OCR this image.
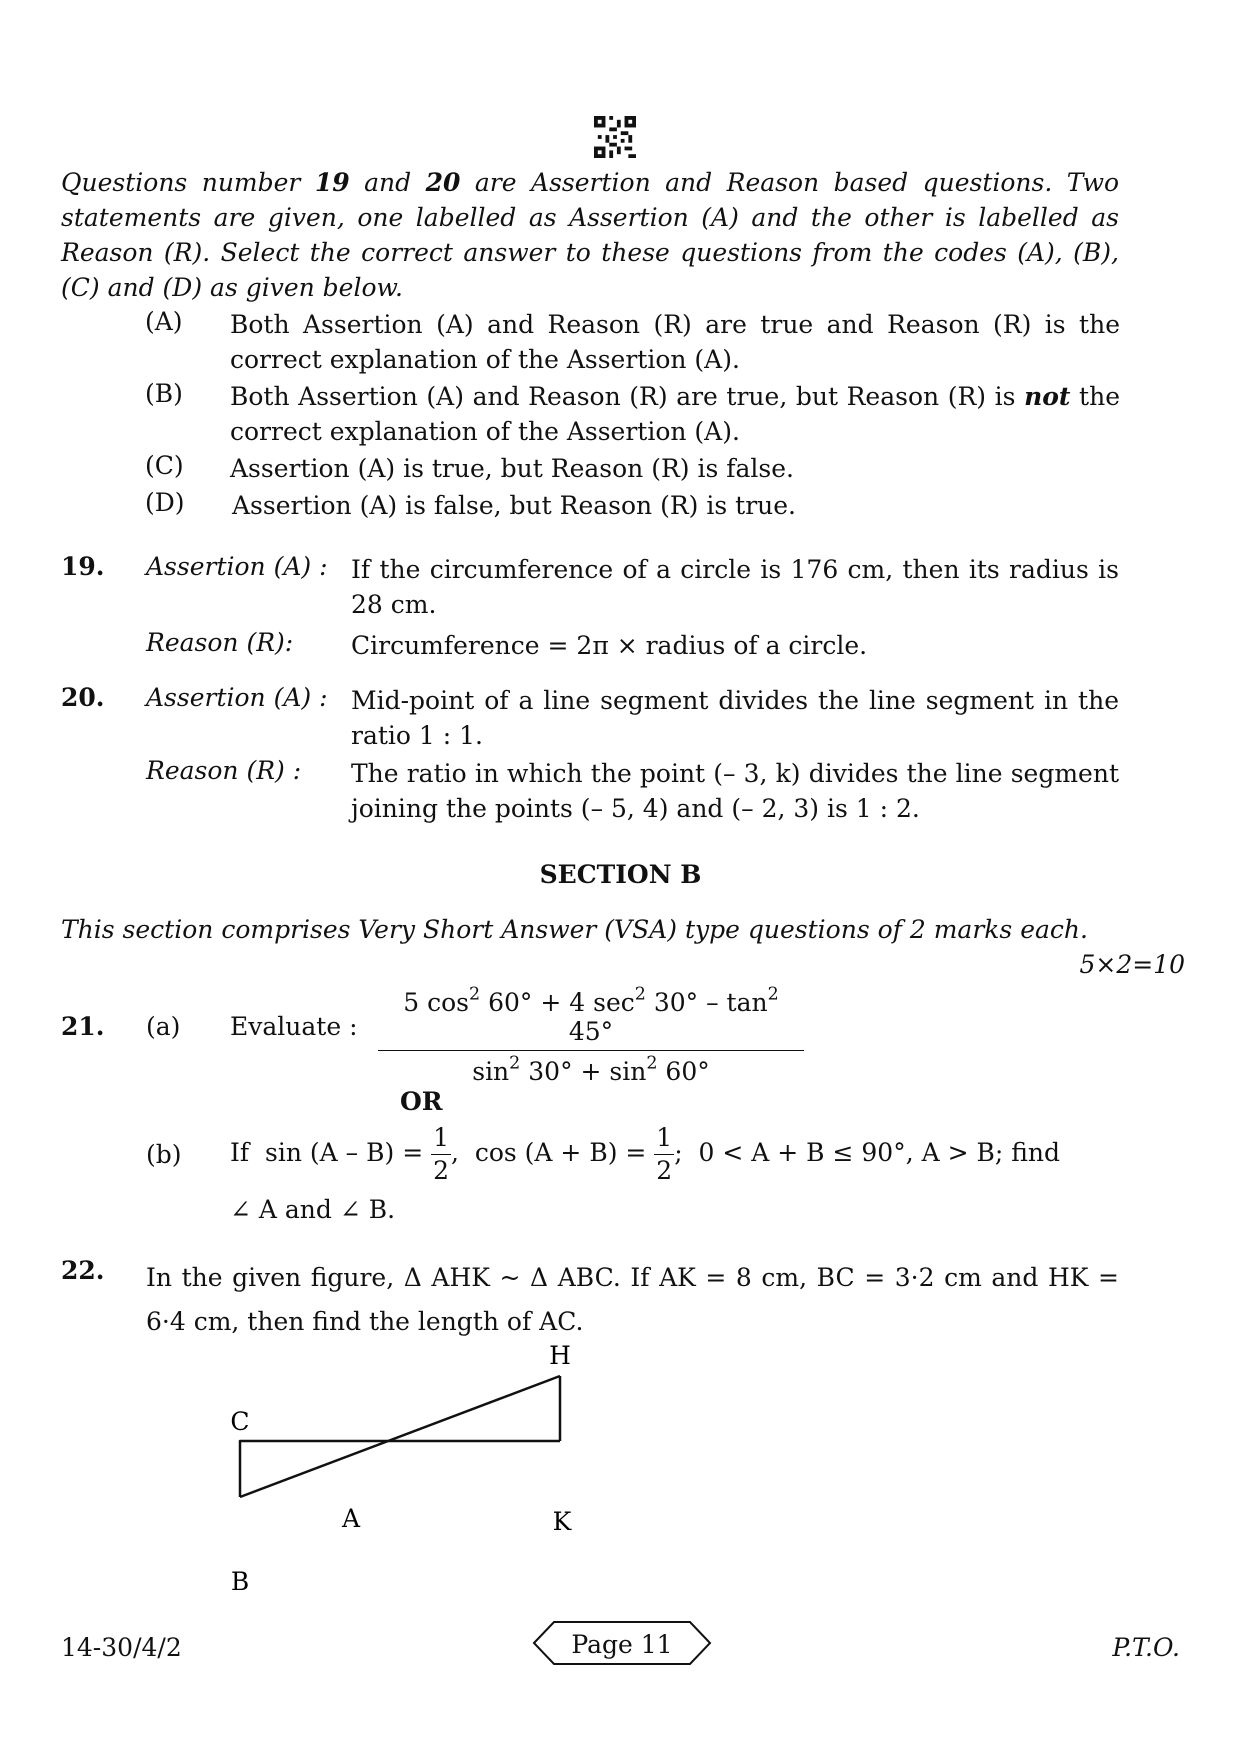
Questions number 19 and 20 are Assertion and Reason based questions. Two statements are given, one labelled as Assertion (A) and the other is labelled as Reason (R). Select the correct answer to these questions from the codes (A), (B), (C) and (D) as given below.
(A) Both Assertion (A) and Reason (R) are true and Reason (R) is the correct explanation of the Assertion (A).
(B) Both Assertion (A) and Reason (R) are true, but Reason (R) is not the correct explanation of the Assertion (A).
(C) Assertion (A) is true, but Reason (R) is false.
(D) Assertion (A) is false, but Reason (R) is true.
19. Assertion (A) : If the circumference of a circle is 176 cm, then its radius is 28 cm.
Reason (R): Circumference = 2π × radius of a circle.
20. Assertion (A) : Mid-point of a line segment divides the line segment in the ratio 1 : 1.
Reason (R) : The ratio in which the point (– 3, k) divides the line segment joining the points (– 5, 4) and (– 2, 3) is 1 : 2.
SECTION B
This section comprises Very Short Answer (VSA) type questions of 2 marks each.
5×2=10
21. (a) Evaluate :
5 $\cos^2 60^\circ + 4$ $\sec^2 30^\circ - \tan^2 45^\circ$
$\sin^2 30^\circ + \sin^2 60^\circ$
OR
(b) If $\sin (A - B) = \frac{1}{2}$ ,  $\cos (A + B) = \frac{1}{2}$ ;  0 < A + B ≤ 90°, A > B; find
∠ A and ∠ B.
22. In the given figure, Δ AHK ~ Δ ABC. If AK = 8 cm, BC = 3·2 cm and HK = 6·4 cm, then find the length of AC.
H
C
A	K
B
14-30/4/2	Page 11	P.T.O.
